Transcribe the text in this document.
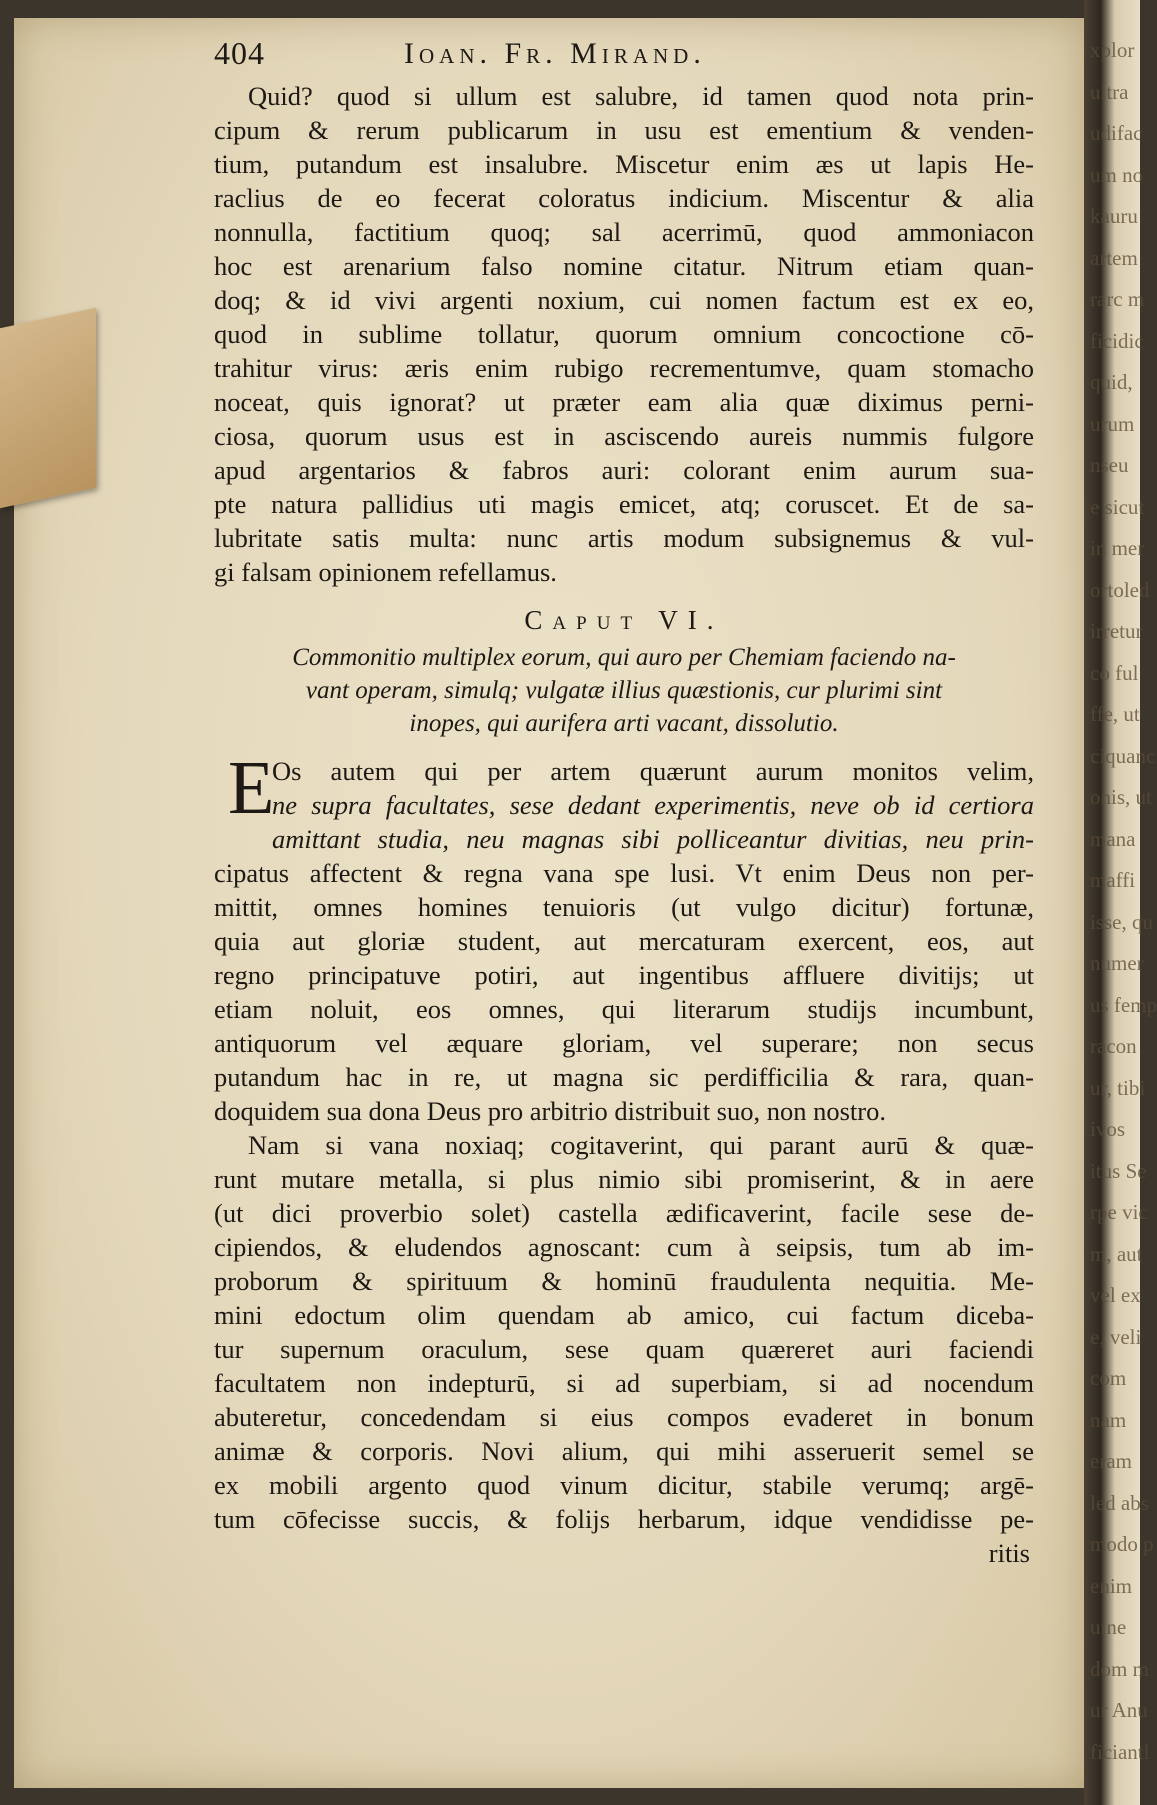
xplor
ultra
udifac
um no
kauru
artem
rarc m
ficidic
quid,
urum
nseu
e sicut
in mer
ortoled
irretur
co ful
ffe, ut
ciquanc
onis, ut
mana
maffi
isse, qu
numer
us femp
racon
ur, tibi
ivos
itus Se
rpe vic
m, aut
vel ex
e, veli
com
nam
eram
led abs
modo p
enim
uine
dom m
ur Anu
ficiantl
404	Ioan. Fr. Mirand.
Quid? quod si ullum est salubre, id tamen quod nota prin-
cipum & rerum publicarum in usu est ementium & venden-
tium, putandum est insalubre. Miscetur enim æs ut lapis He-
raclius de eo fecerat coloratus indicium. Miscentur & alia
nonnulla, factitium quoq; sal acerrimū, quod ammoniacon
hoc est arenarium falso nomine citatur. Nitrum etiam quan-
doq; & id vivi argenti noxium, cui nomen factum est ex eo,
quod in sublime tollatur, quorum omnium concoctione cō-
trahitur virus: æris enim rubigo recrementumve, quam stomacho
noceat, quis ignorat? ut præter eam alia quæ diximus perni-
ciosa, quorum usus est in asciscendo aureis nummis fulgore
apud argentarios & fabros auri: colorant enim aurum sua-
pte natura pallidius uti magis emicet, atq; coruscet. Et de sa-
lubritate satis multa: nunc artis modum subsignemus & vul-
gi falsam opinionem refellamus.
Caput VI.
Commonitio multiplex eorum, qui auro per Chemiam faciendo na-
vant operam, simulq; vulgatæ illius quæstionis, cur plurimi sint
inopes, qui aurifera arti vacant, dissolutio.
E
Os autem qui per artem quærunt aurum monitos velim,
ne supra facultates, sese dedant experimentis, neve ob id certiora
amittant studia, neu magnas sibi polliceantur divitias, neu prin-
cipatus affectent & regna vana spe lusi. Vt enim Deus non per-
mittit, omnes homines tenuioris (ut vulgo dicitur) fortunæ,
quia aut gloriæ student, aut mercaturam exercent, eos, aut
regno principatuve potiri, aut ingentibus affluere divitijs; ut
etiam noluit, eos omnes, qui literarum studijs incumbunt,
antiquorum vel æquare gloriam, vel superare; non secus
putandum hac in re, ut magna sic perdifficilia & rara, quan-
doquidem sua dona Deus pro arbitrio distribuit suo, non nostro.
Nam si vana noxiaq; cogitaverint, qui parant aurū & quæ-
runt mutare metalla, si plus nimio sibi promiserint, & in aere
(ut dici proverbio solet) castella ædificaverint, facile sese de-
cipiendos, & eludendos agnoscant: cum à seipsis, tum ab im-
proborum & spirituum & hominū fraudulenta nequitia. Me-
mini edoctum olim quendam ab amico, cui factum diceba-
tur supernum oraculum, sese quam quæreret auri faciendi
facultatem non indepturū, si ad superbiam, si ad nocendum
abuteretur, concedendam si eius compos evaderet in bonum
animæ & corporis. Novi alium, qui mihi asseruerit semel se
ex mobili argento quod vinum dicitur, stabile verumq; argē-
tum cōfecisse succis, & folijs herbarum, idque vendidisse pe-
ritis
